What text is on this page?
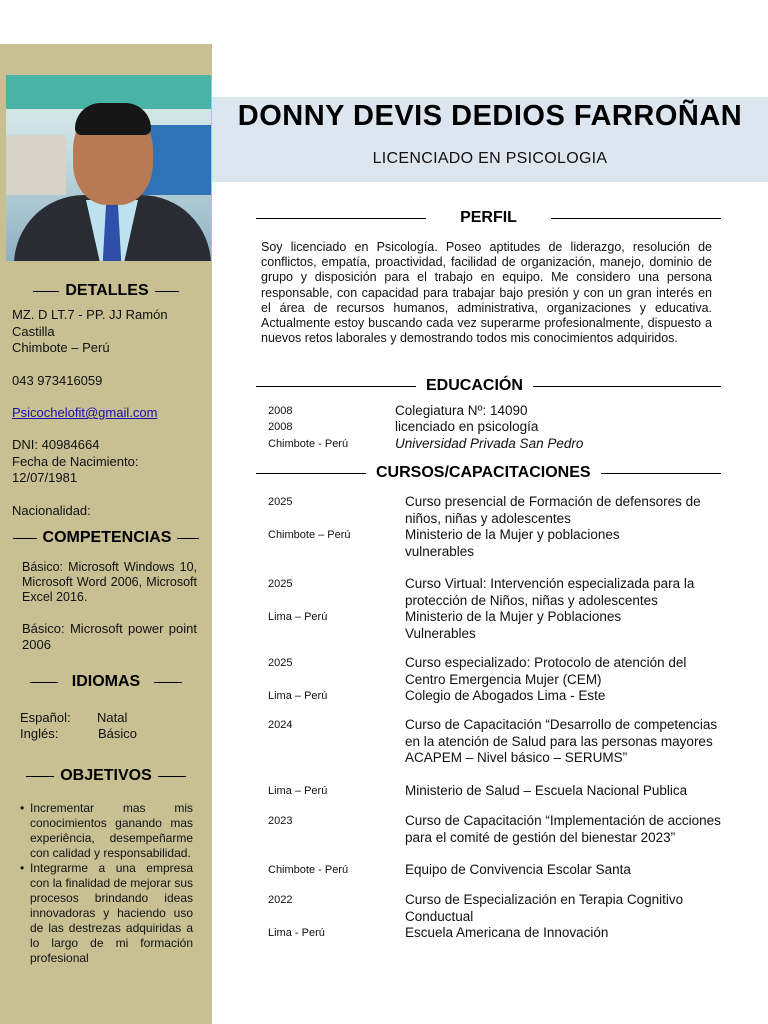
DETALLES
MZ. D LT.7 - PP. JJ Ramón
Castilla
Chimbote – Perú
043 973416059
Psicochelofit@gmail.com
DNI: 40984664
Fecha de Nacimiento:
12/07/1981
Nacionalidad:
COMPETENCIAS
Básico: Microsoft Windows 10, Microsoft Word 2006, Microsoft Excel 2016.
Básico: Microsoft power point 2006
IDIOMAS
Español: Natal
Inglés:	Básico
OBJETIVOS
• Incrementar mas mis conocimientos ganando mas experiência, desempeñarme con calidad y responsabilidad.
• Integrarme a una empresa con la finalidad de mejorar sus procesos brindando ideas innovadoras y haciendo uso de las destrezas adquiridas a lo largo de mi formación profesional
DONNY DEVIS DEDIOS FARROÑAN
LICENCIADO EN PSICOLOGIA
PERFIL
Soy licenciado en Psicología. Poseo aptitudes de liderazgo, resolución de conflictos, empatía, proactividad, facilidad de organización, manejo, dominio de grupo y disposición para el trabajo en equipo. Me considero una persona responsable, con capacidad para trabajar bajo presión y con un gran interés en el área de recursos humanos, administrativa, organizaciones y educativa. Actualmente estoy buscando cada vez superarme profesionalmente, dispuesto a nuevos retos laborales y demostrando todos mis conocimientos adquiridos.
EDUCACIÓN
2008	Colegiatura Nº: 14090
2008	licenciado en psicología
Chimbote - Perú	Universidad Privada San Pedro
CURSOS/CAPACITACIONES
2025	Curso presencial de Formación de defensores de niños, niñas y adolescentes
Chimbote – Perú	Ministerio de la Mujer y poblaciones vulnerables
2025	Curso Virtual: Intervención especializada para la protección de Niños, niñas y adolescentes
Lima – Perú	Ministerio de la Mujer y Poblaciones Vulnerables
2025	Curso especializado: Protocolo de atención del Centro Emergencia Mujer (CEM)
Lima – Perú	Colegio de Abogados Lima - Este
2024	Curso de Capacitación “Desarrollo de competencias en la atención de Salud para las personas mayores ACAPEM – Nivel básico – SERUMS”
Lima – Perú	Ministerio de Salud – Escuela Nacional Publica
2023	Curso de Capacitación “Implementación de acciones para el comité de gestión del bienestar 2023”
Chimbote - Perú	Equipo de Convivencia Escolar Santa
2022	Curso de Especialización en Terapia Cognitivo Conductual
Lima - Perú	Escuela Americana de Innovación
